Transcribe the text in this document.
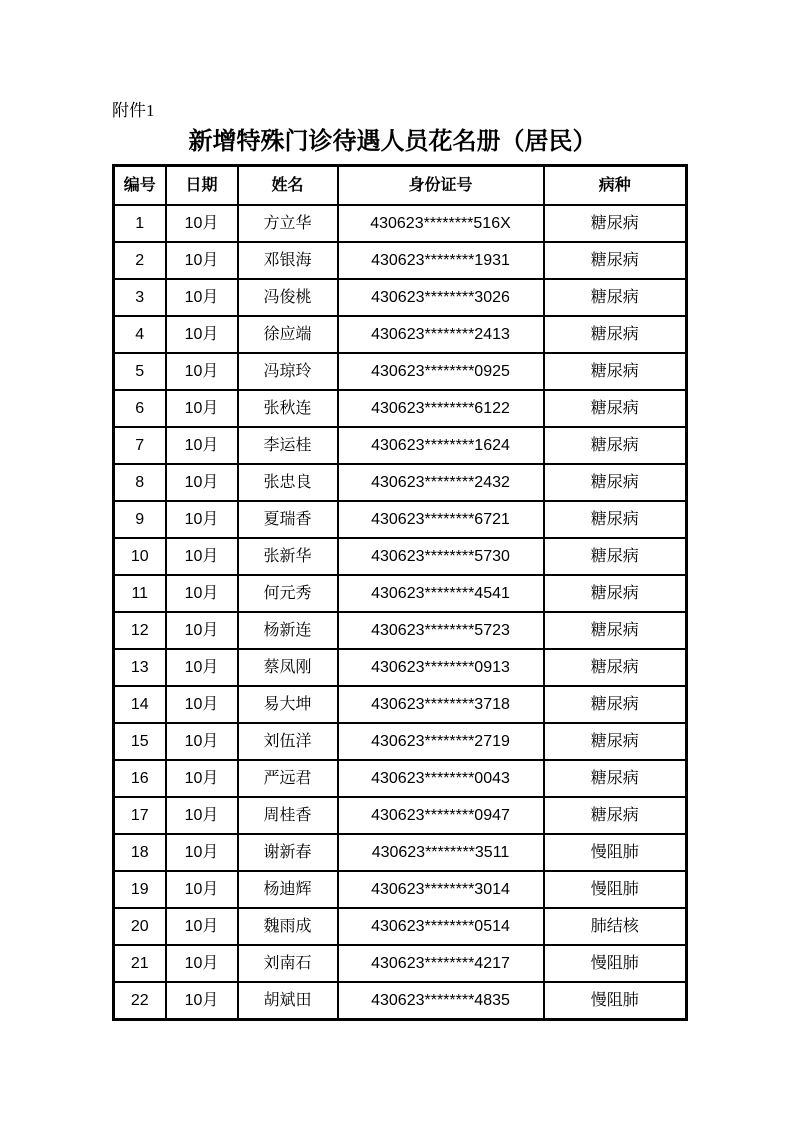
附件1
新增特殊门诊待遇人员花名册（居民）
编号	日期	姓名	身份证号	病种
1	10月	方立华	430623********516X	糖尿病
2	10月	邓银海	430623********1931	糖尿病
3	10月	冯俊桃	430623********3026	糖尿病
4	10月	徐应端	430623********2413	糖尿病
5	10月	冯琼玲	430623********0925	糖尿病
6	10月	张秋连	430623********6122	糖尿病
7	10月	李运桂	430623********1624	糖尿病
8	10月	张忠良	430623********2432	糖尿病
9	10月	夏瑞香	430623********6721	糖尿病
10	10月	张新华	430623********5730	糖尿病
11	10月	何元秀	430623********4541	糖尿病
12	10月	杨新连	430623********5723	糖尿病
13	10月	蔡凤刚	430623********0913	糖尿病
14	10月	易大坤	430623********3718	糖尿病
15	10月	刘伍洋	430623********2719	糖尿病
16	10月	严远君	430623********0043	糖尿病
17	10月	周桂香	430623********0947	糖尿病
18	10月	谢新春	430623********3511	慢阻肺
19	10月	杨迪辉	430623********3014	慢阻肺
20	10月	魏雨成	430623********0514	肺结核
21	10月	刘南石	430623********4217	慢阻肺
22	10月	胡斌田	430623********4835	慢阻肺
